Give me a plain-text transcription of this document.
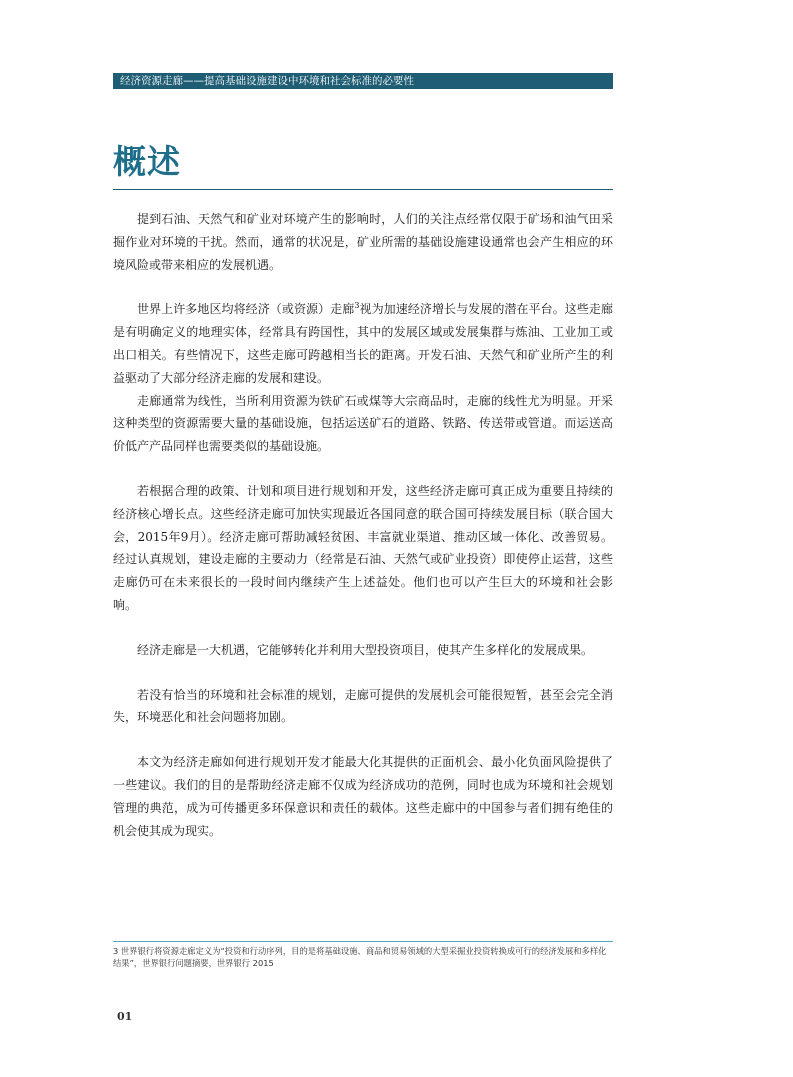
经济资源走廊——提高基础设施建设中环境和社会标准的必要性
概述

提到石油、天然气和矿业对环境产生的影响时，人们的关注点经常仅限于矿场和油气田采掘作业对环境的干扰。然而，通常的状况是，矿业所需的基础设施建设通常也会产生相应的环境风险或带来相应的发展机遇。

世界上许多地区均将经济（或资源）走廊$^3$视为加速经济增长与发展的潜在平台。这些走廊是有明确定义的地理实体，经常具有跨国性，其中的发展区域或发展集群与炼油、工业加工或出口相关。有些情况下，这些走廊可跨越相当长的距离。开发石油、天然气和矿业所产生的利益驱动了大部分经济走廊的发展和建设。

走廊通常为线性，当所利用资源为铁矿石或煤等大宗商品时，走廊的线性尤为明显。开采这种类型的资源需要大量的基础设施，包括运送矿石的道路、铁路、传送带或管道。而运送高价低产产品同样也需要类似的基础设施。

若根据合理的政策、计划和项目进行规划和开发，这些经济走廊可真正成为重要且持续的经济核心增长点。这些经济走廊可加快实现最近各国同意的联合国可持续发展目标（联合国大会，2015年9月）。经济走廊可帮助减轻贫困、丰富就业渠道、推动区域一体化、改善贸易。经过认真规划，建设走廊的主要动力（经常是石油、天然气或矿业投资）即使停止运营，这些走廊仍可在未来很长的一段时间内继续产生上述益处。他们也可以产生巨大的环境和社会影响。

经济走廊是一大机遇，它能够转化并利用大型投资项目，使其产生多样化的发展成果。

若没有恰当的环境和社会标准的规划，走廊可提供的发展机会可能很短暂，甚至会完全消失，环境恶化和社会问题将加剧。

本文为经济走廊如何进行规划开发才能最大化其提供的正面机会、最小化负面风险提供了一些建议。我们的目的是帮助经济走廊不仅成为经济成功的范例，同时也成为环境和社会规划管理的典范，成为可传播更多环保意识和责任的载体。这些走廊中的中国参与者们拥有绝佳的机会使其成为现实。

3 世界银行将资源走廊定义为“投资和行动序列，目的是将基础设施、商品和贸易领域的大型采掘业投资转换成可行的经济发展和多样化结果”，世界银行问题摘要，世界银行 2015

01
